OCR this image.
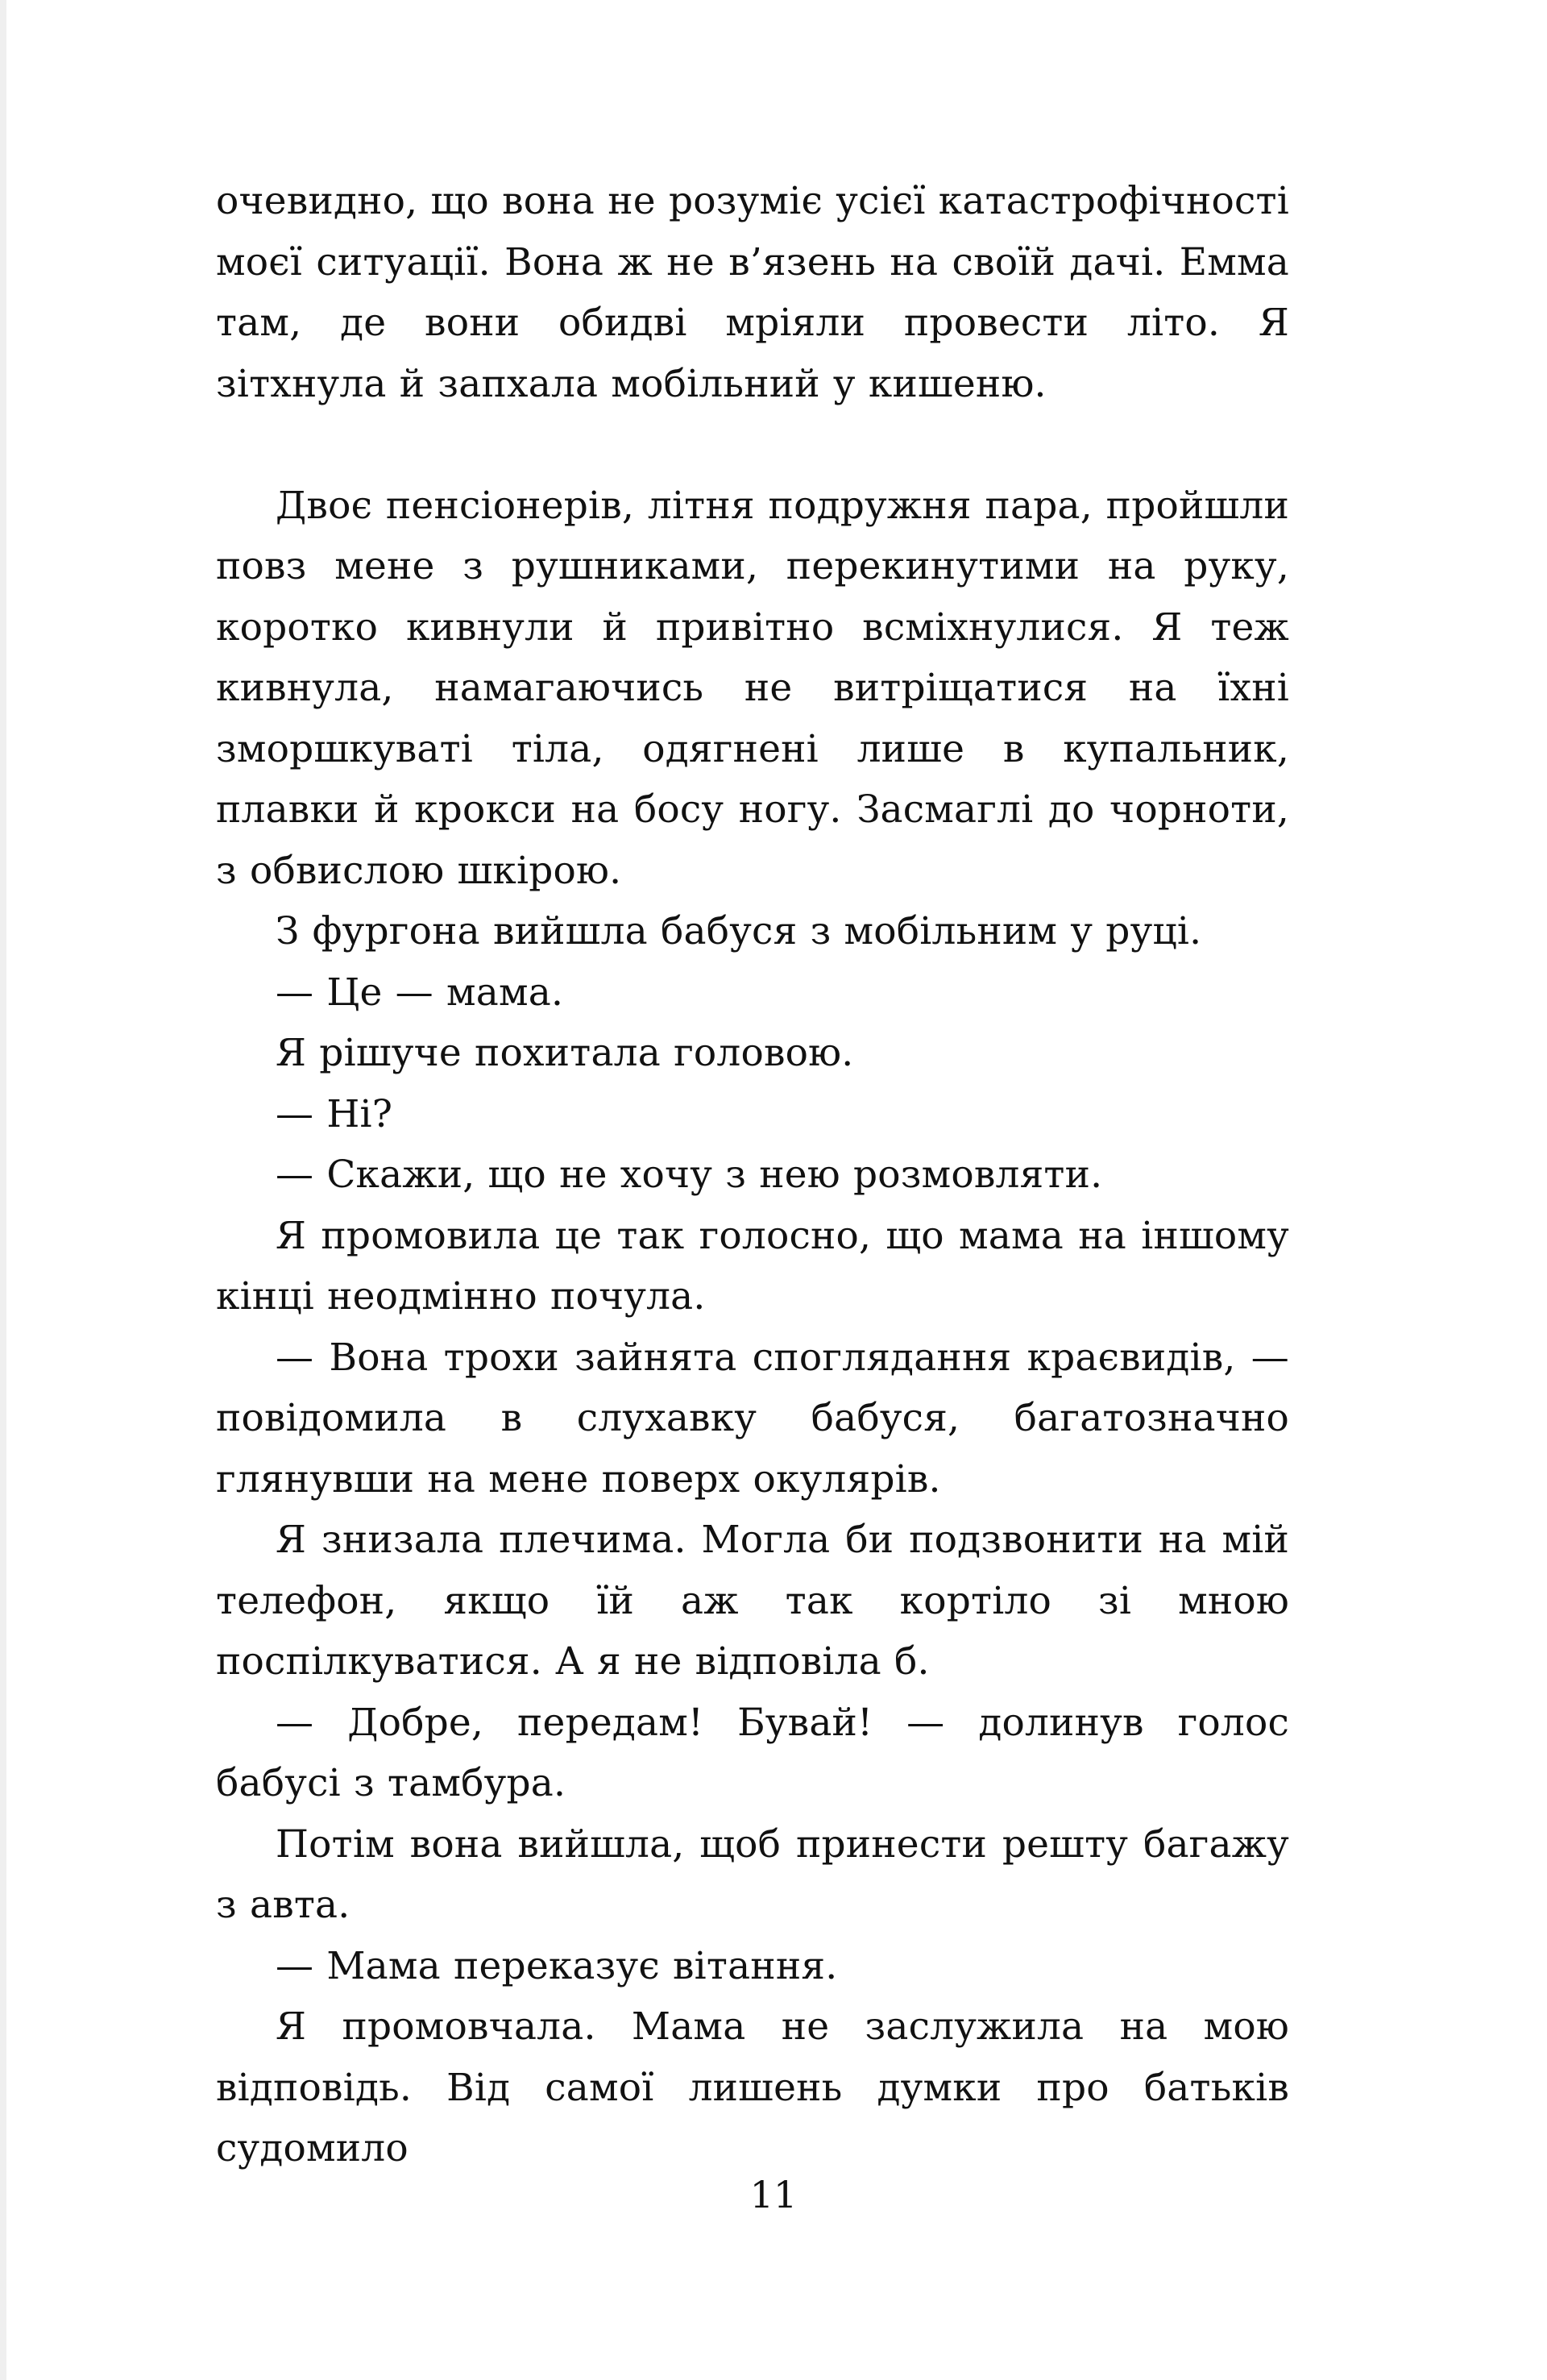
очевидно, що вона не розуміє усієї катастрофічності моєї ситуації. Вона ж не в’язень на своїй дачі. Емма там, де вони обидві мріяли провести літо. Я зітхнула й запхала мобільний у кишеню.

Двоє пенсіонерів, літня подружня пара, пройшли повз мене з рушниками, перекинутими на руку, коротко кивнули й привітно всміхнулися. Я теж кивнула, намагаючись не витріщатися на їхні зморшкуваті тіла, одягнені лише в купальник, плавки й крокси на босу ногу. Засмаглі до чорноти, з обвислою шкірою.

З фургона вийшла бабуся з мобільним у руці.

— Це — мама.

Я рішуче похитала головою.

— Ні?

— Скажи, що не хочу з нею розмовляти.

Я промовила це так голосно, що мама на іншому кінці неодмінно почула.

— Вона трохи зайнята споглядання краєвидів, — повідомила в слухавку бабуся, багатозначно глянувши на мене поверх окулярів.

Я знизала плечима. Могла би подзвонити на мій телефон, якщо їй аж так кортіло зі мною поспілкуватися. А я не відповіла б.

— Добре, передам! Бувай! — долинув голос бабусі з тамбура.

Потім вона вийшла, щоб принести решту багажу з авта.

— Мама переказує вітання.

Я промовчала. Мама не заслужила на мою відповідь. Від самої лишень думки про батьків судомило

11
